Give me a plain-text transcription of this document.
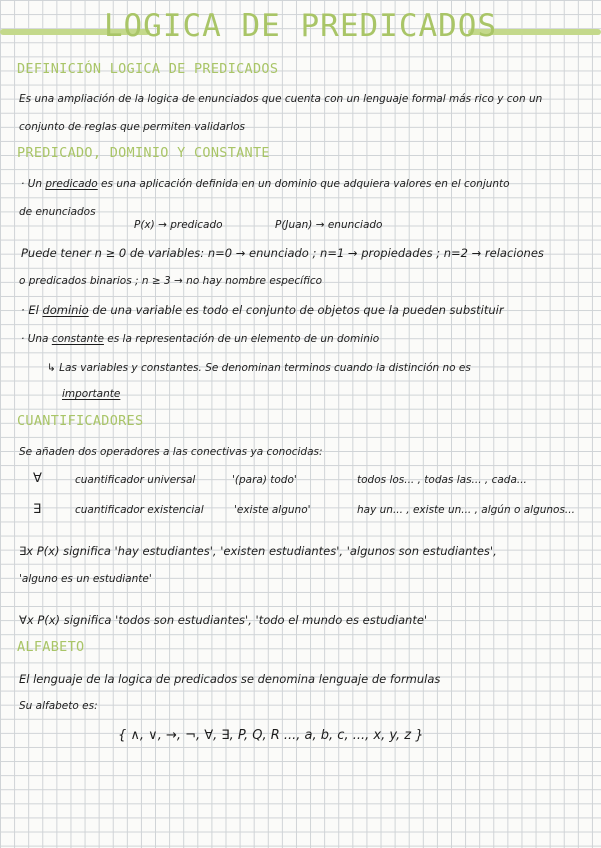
LOGICA DE PREDICADOS
DEFINICIÓN LOGICA DE PREDICADOS
Es una ampliación de la logica de enunciados que cuenta con un lenguaje formal más rico y con un
conjunto de reglas que permiten validarlos
PREDICADO, DOMINIO Y CONSTANTE
· Un predicado es una aplicación definida en un dominio que adquiera valores en el conjunto
de enunciados
P(x) → predicado	P(Juan) → enunciado
Puede tener n ≥ 0 de variables: n=0 → enunciado ; n=1 → propiedades ; n=2 → relaciones
o predicados binarios ; n ≥ 3 → no hay nombre específico
· El dominio de una variable es todo el conjunto de objetos que la pueden substituir
· Una constante es la representación de un elemento de un dominio
↳ Las variables y constantes. Se denominan terminos cuando la distinción no es
importante
CUANTIFICADORES
Se añaden dos operadores a las conectivas ya conocidas:
∀	cuantificador universal	'(para) todo'	todos los... , todas las... , cada...
∃	cuantificador existencial	'existe alguno'	hay un... , existe un... , algún o algunos...
∃x P(x) significa 'hay estudiantes', 'existen estudiantes', 'algunos son estudiantes',
'alguno es un estudiante'
∀x P(x) significa 'todos son estudiantes', 'todo el mundo es estudiante'
ALFABETO
El lenguaje de la logica de predicados se denomina lenguaje de formulas
Su alfabeto es:
{ ∧, ∨, →, ¬, ∀, ∃, P, Q, R ..., a, b, c, ..., x, y, z }
